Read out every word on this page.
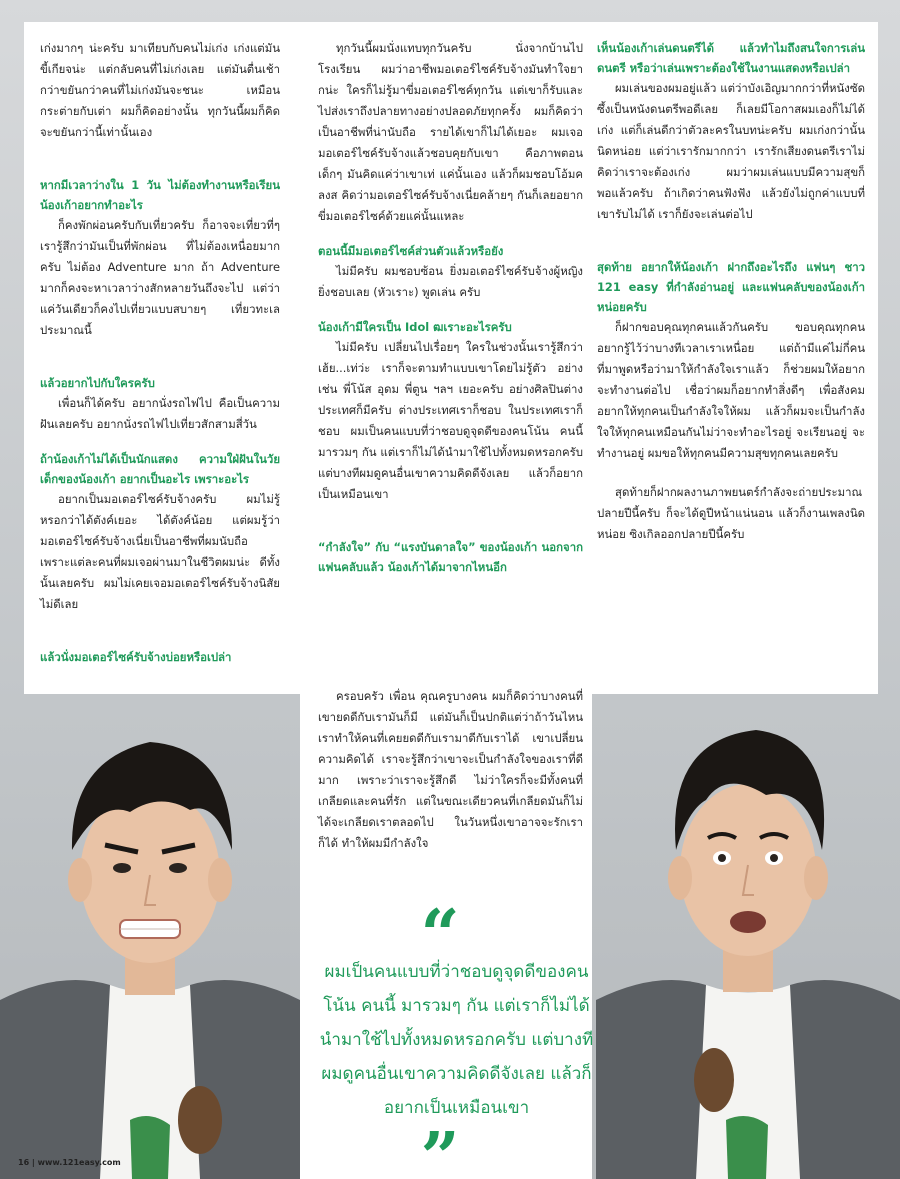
เก่งมากๆ น่ะครับ มาเทียบกับคนไม่เก่ง เก่งแต่มันขี้เกียจน่ะ แต่กลับคนที่ไม่เก่งเลย แต่มันตื่นเช้ากว่าขยันกว่าคนที่ไม่เก่งมันจะชนะ เหมือนกระต่ายกับเต่า ผมก็คิดอย่างนั้น ทุกวันนี้ผมก็คิดจะขยันกว่านี้เท่านั้นเอง

หากมีเวลาว่างใน 1 วัน ไม่ต้องทำงานหรือเรียน น้องเก้าอยากทำอะไร

ก็คงพักผ่อนครับกับเที่ยวครับ ก็อาจจะเที่ยวที่ๆ เรารู้สึกว่ามันเป็นที่พักผ่อน ที่ไม่ต้องเหนื่อยมากครับ ไม่ต้อง Adventure มาก ถ้า Adventure มากก็คงจะหาเวลาว่างสักหลายวันถึงจะไป แต่ว่าแค่วันเดียวก็คงไปเที่ยวแบบสบายๆ เที่ยวทะเลประมาณนี้

แล้วอยากไปกับใครครับ

เพื่อนก็ได้ครับ อยากนั่งรถไฟไป คือเป็นความฝันเลยครับ อยากนั่งรถไฟไปเที่ยวสักสามสี่วัน

ถ้าน้องเก้าไม่ได้เป็นนักแสดง ความใฝ่ฝันในวัยเด็กของน้องเก้า อยากเป็นอะไร เพราะอะไร

อยากเป็นมอเตอร์ไซค์รับจ้างครับ ผมไม่รู้หรอกว่าได้ตังค์เยอะ ได้ตังค์น้อย แต่ผมรู้ว่ามอเตอร์ไซค์รับจ้างเนี่ยเป็นอาชีพที่ผมนับถือ เพราะแต่ละคนที่ผมเจอผ่านมาในชีวิตผมน่ะ ดีทั้งนั้นเลยครับ ผมไม่เคยเจอมอเตอร์ไซค์รับจ้างนิสัยไม่ดีเลย

แล้วนั่งมอเตอร์ไซค์รับจ้างบ่อยหรือเปล่า

ทุกวันนี้ผมนั่งแทบทุกวันครับ นั่งจากบ้านไปโรงเรียน ผมว่าอาชีพมอเตอร์ไซค์รับจ้างมันทำใจยากน่ะ ใครก็ไม่รู้มาขี่มอเตอร์ไซค์ทุกวัน แต่เขาก็รับและไปส่งเราถึงปลายทางอย่างปลอดภัยทุกครั้ง ผมก็คิดว่าเป็นอาชีพที่น่านับถือ รายได้เขาก็ไม่ได้เยอะ ผมเจอมอเตอร์ไซค์รับจ้างแล้วชอบคุยกับเขา คือภาพตอนเด็กๆ มันคิดแค่ว่าเขาเท่ แค่นั้นเอง แล้วก็ผมชอบโอ้มคลงส คิดว่ามอเตอร์ไซค์รับจ้างเนี่ยคล้ายๆ กันก็เลยอยากขี่มอเตอร์ไซค์ด้วยแค่นั้นแหละ

ตอนนี้มีมอเตอร์ไซค์ส่วนตัวแล้วหรือยัง

ไม่มีครับ ผมชอบซ้อน ยิ่งมอเตอร์ไซค์รับจ้างผู้หญิง ยิ่งชอบเลย (หัวเราะ) พูดเล่น ครับ

น้องเก้ามีใครเป็น Idol ฒเราะอะไรครับ

ไม่มีครับ เปลี่ยนไปเรื่อยๆ ใครในช่วงนั้นเรารู้สึกว่าเฮ้ย...เท่ว่ะ เราก็จะตามทำแบบเขาโดยไม่รู้ตัว อย่างเช่น พี่โน้ส อุดม พี่ตูน ฯลฯ เยอะครับ อย่างศิลปินต่างประเทศก็มีครับ ต่างประเทศเราก็ชอบ ในประเทศเราก็ชอบ ผมเป็นคนแบบที่ว่าชอบดูจุดดีของคนโน้น คนนี้ มารวมๆ กัน แต่เราก็ไม่ได้นำมาใช้ไปทั้งหมดหรอกครับ แต่บางทีผมดูคนอื่นเขาความคิดดีจังเลย แล้วก็อยากเป็นเหมือนเขา

“กำลังใจ” กับ “แรงบันดาลใจ” ของน้องเก้า นอกจากแฟนคลับแล้ว น้องเก้าได้มาจากไหนอีก

ครอบครัว เพื่อน คุณครูบางคน ผมก็คิดว่าบางคนที่เขายดดีกับเรามันก็มี แต่มันก็เป็นปกติแต่ว่าถ้าวันไหนเราทำให้คนที่เคยยดดีกับเรามาดีกับเราได้ เขาเปลี่ยนความคิดได้ เราจะรู้สึกว่าเขาจะเป็นกำลังใจของเราที่ดีมาก เพราะว่าเราจะรู้สึกดี ไม่ว่าใครก็จะมีทั้งคนที่เกลียดและคนที่รัก แต่ในขณะเดียวคนที่เกลียดมันก็ไม่ได้จะเกลียดเราตลอดไป ในวันหนึ่งเขาอาจจะรักเราก็ได้ ทำให้ผมมีกำลังใจ

เห็นน้องเก้าเล่นดนตรีได้ แล้วทำไมถึงสนใจการเล่นดนตรี หรือว่าเล่นเพราะต้องใช้ในงานแสดงหรือเปล่า

ผมเล่นของผมอยู่แล้ว แต่ว่าบังเอิญมากกว่าที่หนังซัดซึ้งเป็นหนังดนตรีพอดีเลย ก็เลยมีโอกาสผมเองก็ไม่ได้เก่ง แต่ก็เล่นดีกว่าตัวละครในบทน่ะครับ ผมเก่งกว่านั้นนิดหน่อย แต่ว่าเรารักมากกว่า เรารักเสียงดนตรีเราไม่คิดว่าเราจะต้องเก่ง ผมว่าผมเล่นแบบมีความสุขก็พอแล้วครับ ถ้าเกิดว่าคนฟังฟัง แล้วยังไม่ถูกค่าแบบที่เขารับไม่ได้ เราก็ยังจะเล่นต่อไป

สุดท้าย อยากให้น้องเก้า ฝากถึงอะไรถึง แฟนๆ ชาว 121 easy ที่กำลังอ่านอยู่ และแฟนคลับของน้องเก้าหน่อยครับ

ก็ฝากขอบคุณทุกคนแล้วกันครับ ขอบคุณทุกคน อยากรู้ไว้ว่าบางทีเวลาเราเหนื่อย แต่ถ้ามีแค่ไม่กี่คนที่มาพูดหรือว่ามาให้กำลังใจเราแล้ว ก็ช่วยผมให้อยากจะทำงานต่อไป เชื่อว่าผมก็อยากทำสิ่งดีๆ เพื่อสังคม อยากให้ทุกคนเป็นกำลังใจให้ผม แล้วก็ผมจะเป็นกำลังใจให้ทุกคนเหมือนกันไม่ว่าจะทำอะไรอยู่ จะเรียนอยู่ จะทำงานอยู่ ผมขอให้ทุกคนมีความสุขทุกคนเลยครับ

สุดท้ายก็ฝากผลงานภาพยนตร์กำลังจะถ่ายประมาณปลายปีนี้ครับ ก็จะได้ดูปีหน้าแน่นอน แล้วก็งานเพลงนิดหน่อย ซิงเกิลออกปลายปีนี้ครับ

“
ผมเป็นคนแบบที่ว่าชอบดูจุดดีของคนโน้น คนนี้ มารวมๆ กัน แต่เราก็ไม่ได้นำมาใช้ไปทั้งหมดหรอกครับ แต่บางทีผมดูคนอื่นเขาความคิดดีจังเลย แล้วก็อยากเป็นเหมือนเขา
”
16 | www.121easy.com
